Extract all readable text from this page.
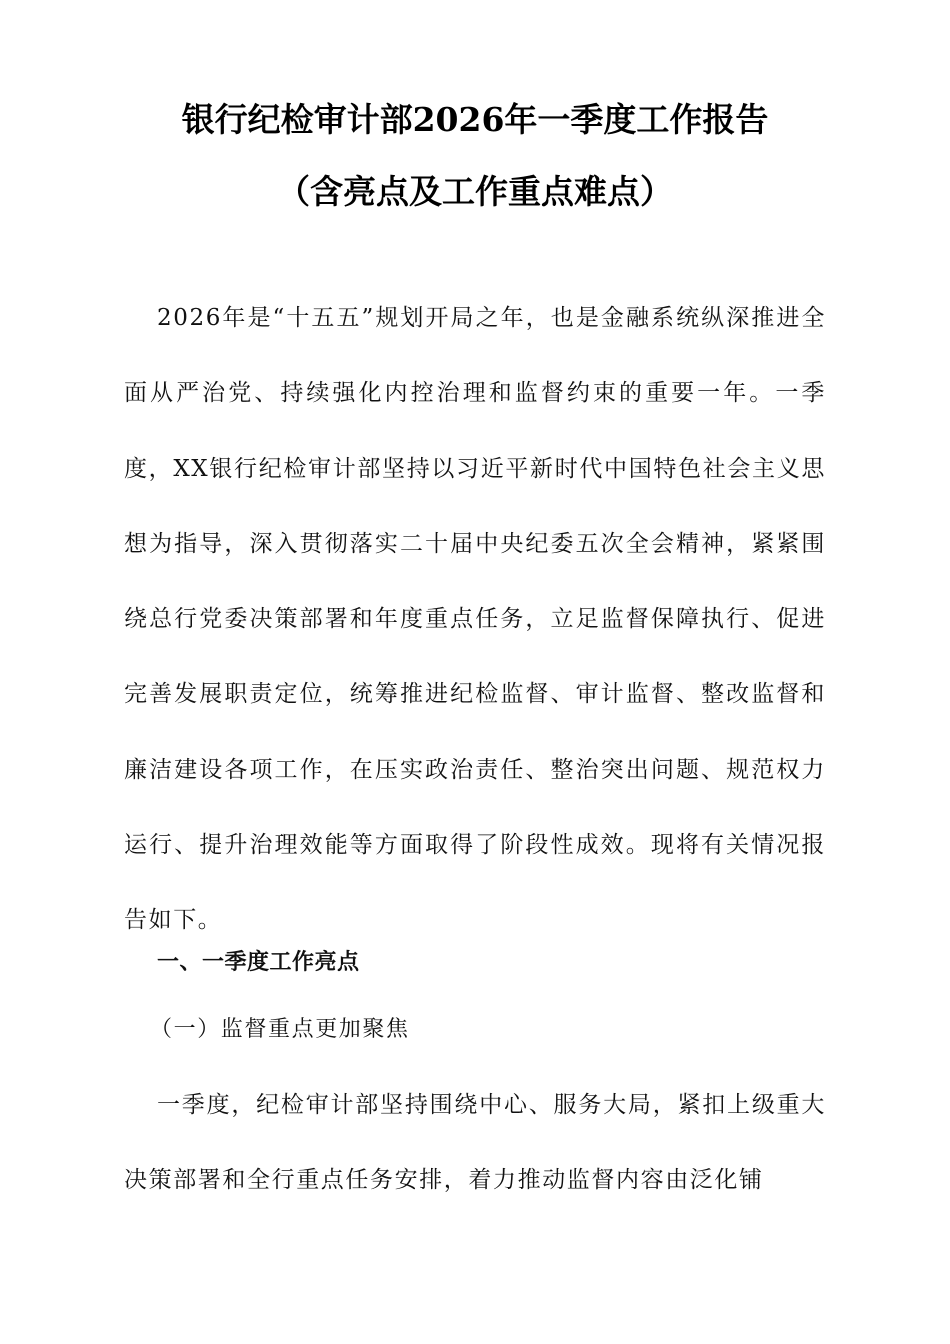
银行纪检审计部2026年一季度工作报告
（含亮点及工作重点难点）

2026年是“十五五”规划开局之年，也是金融系统纵深推进全面从严治党、持续强化内控治理和监督约束的重要一年。一季度，XX银行纪检审计部坚持以习近平新时代中国特色社会主义思想为指导，深入贯彻落实二十届中央纪委五次全会精神，紧紧围绕总行党委决策部署和年度重点任务，立足监督保障执行、促进完善发展职责定位，统筹推进纪检监督、审计监督、整改监督和廉洁建设各项工作，在压实政治责任、整治突出问题、规范权力运行、提升治理效能等方面取得了阶段性成效。现将有关情况报告如下。

一、一季度工作亮点
（一）监督重点更加聚焦

一季度，纪检审计部坚持围绕中心、服务大局，紧扣上级重大决策部署和全行重点任务安排，着力推动监督内容由泛化铺
